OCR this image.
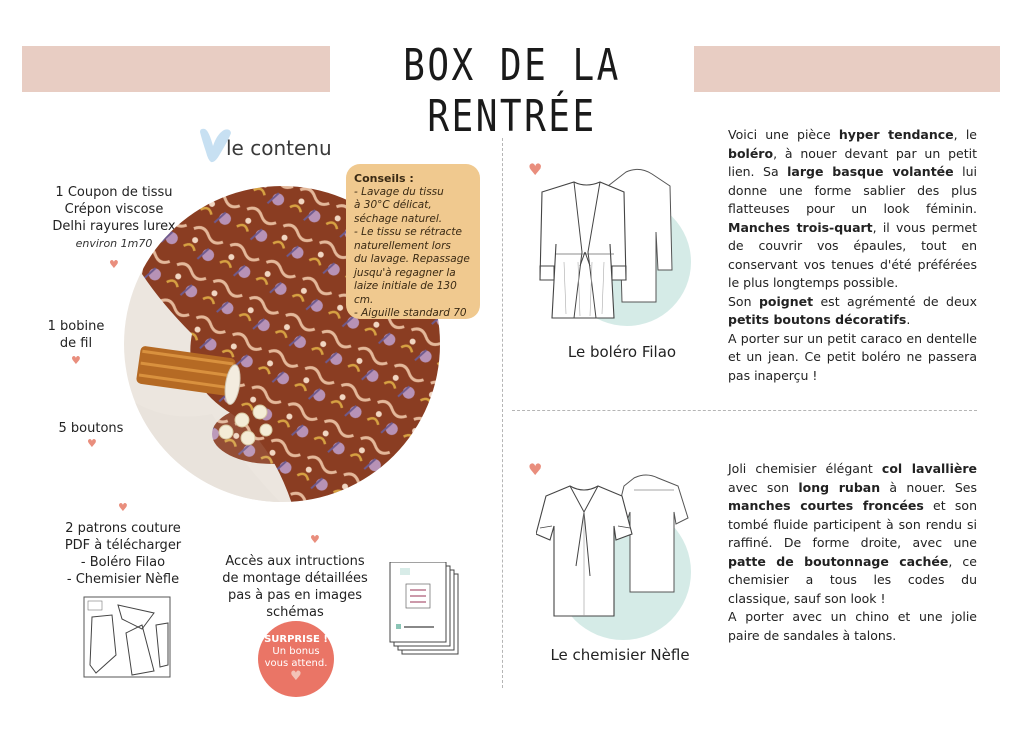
BOX DE LA RENTRÉE
le contenu
1 Coupon de tissu
Crépon viscose
Delhi rayures lurex
environ 1m70
♥
1 bobine
de fil
♥
5 boutons
♥
♥
2 patrons couture
PDF à télécharger
- Boléro Filao
- Chemisier Nèfle
Conseils :
- Lavage du tissu
à 30°C délicat,
séchage naturel.
- Le tissu se rétracte
naturellement lors
du lavage. Repassage
jusqu'à regagner la
laize initiale de 130 cm.
- Aiguille standard 70
♥
Accès aux intructions
de montage détaillées
pas à pas en images schémas
SURPRISE !
Un bonus
vous attend.
♥
♥
Le boléro Filao
Voici une pièce hyper tendance, le boléro, à nouer devant par un petit lien. Sa large basque volantée lui donne une forme sablier des plus flatteuses pour un look féminin. Manches trois-quart, il vous permet de couvrir vos épaules, tout en conservant vos tenues d'été préférées le plus longtemps possible.
Son poignet est agrémenté de deux petits boutons décoratifs.
A porter sur un petit caraco en dentelle et un jean. Ce petit boléro ne passera pas inaperçu !
♥
Le chemisier Nèfle
Joli chemisier élégant col lavallière avec son long ruban à nouer. Ses manches courtes froncées et son tombé fluide participent à son rendu si raffiné. De forme droite, avec une patte de boutonnage cachée, ce chemisier a tous les codes du classique, sauf son look !
A porter avec un chino et une jolie paire de sandales à talons.
